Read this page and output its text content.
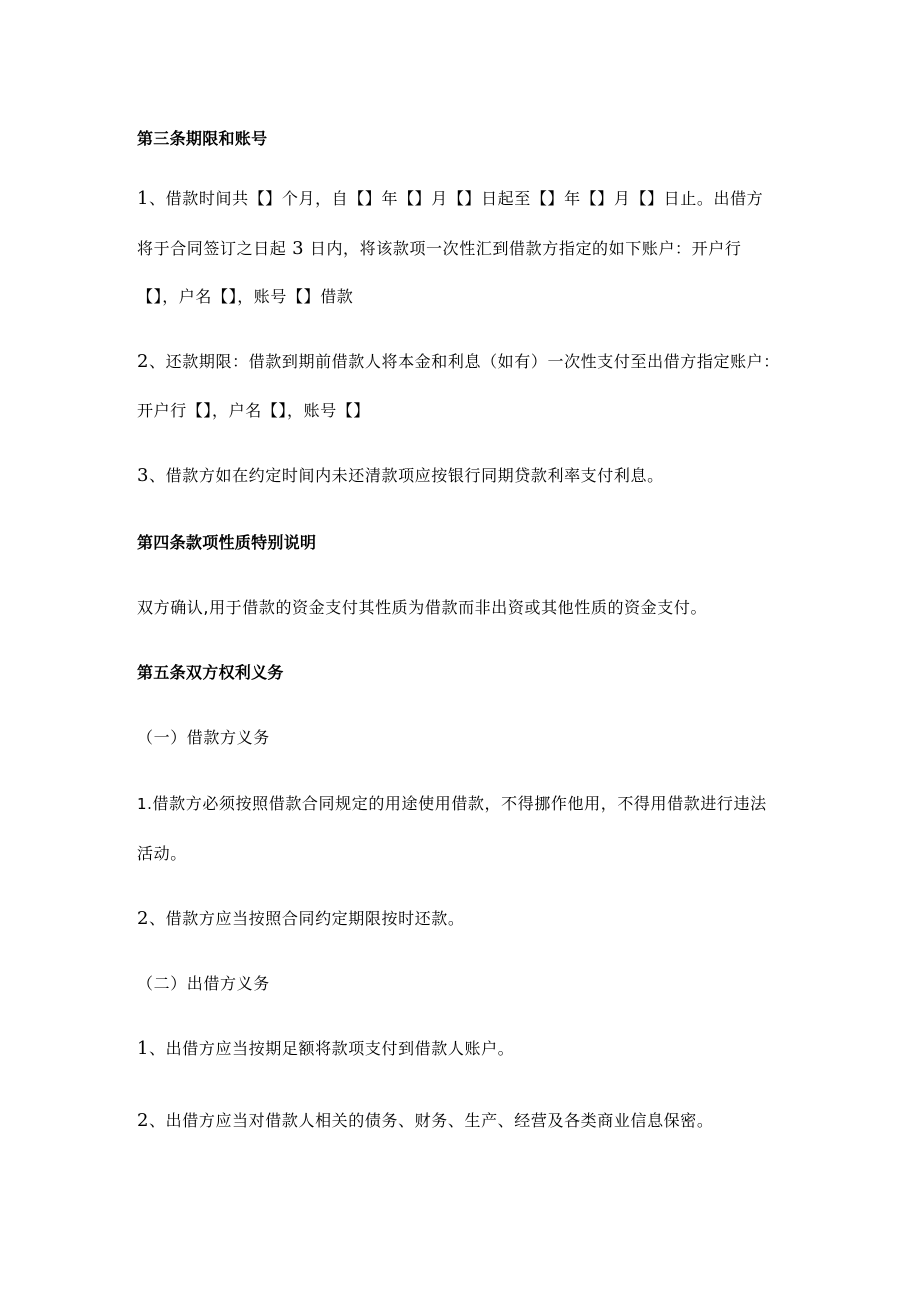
第三条期限和账号

1、借款时间共【】个月，自【】年【】月【】日起至【】年【】月【】日止。出借方

将于合同签订之日起 3 日内，将该款项一次性汇到借款方指定的如下账户：开户行

【】，户名【】，账号【】借款

2、还款期限：借款到期前借款人将本金和利息（如有）一次性支付至出借方指定账户：

开户行【】，户名【】，账号【】

3、借款方如在约定时间内未还清款项应按银行同期贷款利率支付利息。

第四条款项性质特别说明

双方确认,用于借款的资金支付其性质为借款而非出资或其他性质的资金支付。

第五条双方权利义务

（一）借款方义务

1.借款方必须按照借款合同规定的用途使用借款，不得挪作他用，不得用借款进行违法

活动。

2、借款方应当按照合同约定期限按时还款。

（二）出借方义务

1、出借方应当按期足额将款项支付到借款人账户。

2、出借方应当对借款人相关的债务、财务、生产、经营及各类商业信息保密。
